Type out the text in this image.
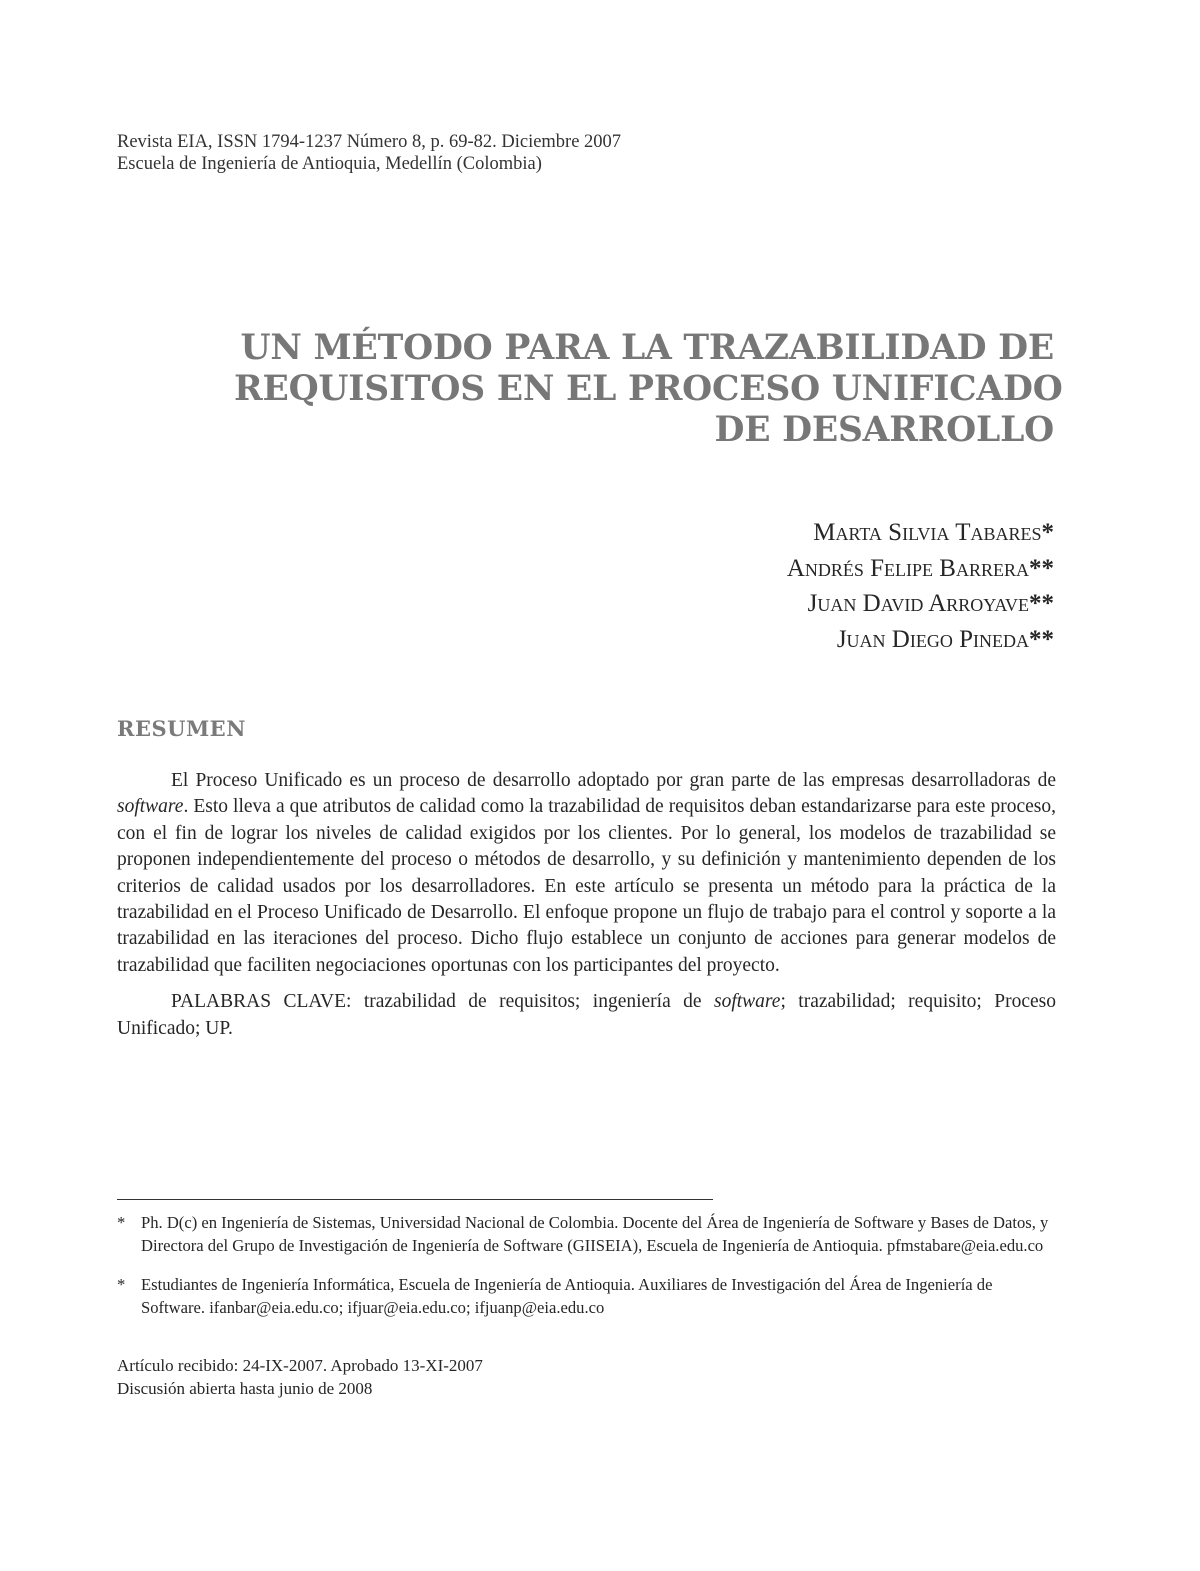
Revista EIA, ISSN 1794-1237 Número 8, p. 69-82. Diciembre 2007
Escuela de Ingeniería de Antioquia, Medellín (Colombia)
UN MÉTODO PARA LA TRAZABILIDAD DE
REQUISITOS EN EL PROCESO UNIFICADO
DE DESARROLLO
Marta Silvia Tabares*
Andrés Felipe Barrera**
Juan David Arroyave**
Juan Diego Pineda**
RESUMEN

El Proceso Unificado es un proceso de desarrollo adoptado por gran parte de las empresas desarrolladoras de software. Esto lleva a que atributos de calidad como la trazabilidad de requisitos deban estandarizarse para este proceso, con el fin de lograr los niveles de calidad exigidos por los clientes. Por lo general, los modelos de trazabilidad se proponen independientemente del proceso o métodos de desarrollo, y su definición y mantenimiento dependen de los criterios de calidad usados por los desarrolladores. En este artículo se presenta un método para la práctica de la trazabilidad en el Proceso Unificado de Desarrollo. El enfoque propone un flujo de trabajo para el control y soporte a la trazabilidad en las iteraciones del proceso. Dicho flujo establece un conjunto de acciones para generar modelos de trazabilidad que faciliten negociaciones oportunas con los participantes del proyecto.

PALABRAS CLAVE: trazabilidad de requisitos; ingeniería de software; trazabilidad; requisito; Proceso Unificado; UP.

* Ph. D(c) en Ingeniería de Sistemas, Universidad Nacional de Colombia. Docente del Área de Ingeniería de Software y Bases de Datos, y Directora del Grupo de Investigación de Ingeniería de Software (GIISEIA), Escuela de Ingeniería de Antioquia. pfmstabare@eia.edu.co
* Estudiantes de Ingeniería Informática, Escuela de Ingeniería de Antioquia. Auxiliares de Investigación del Área de Ingeniería de Software. ifanbar@eia.edu.co; ifjuar@eia.edu.co; ifjuanp@eia.edu.co
Artículo recibido: 24-IX-2007. Aprobado 13-XI-2007
Discusión abierta hasta junio de 2008
